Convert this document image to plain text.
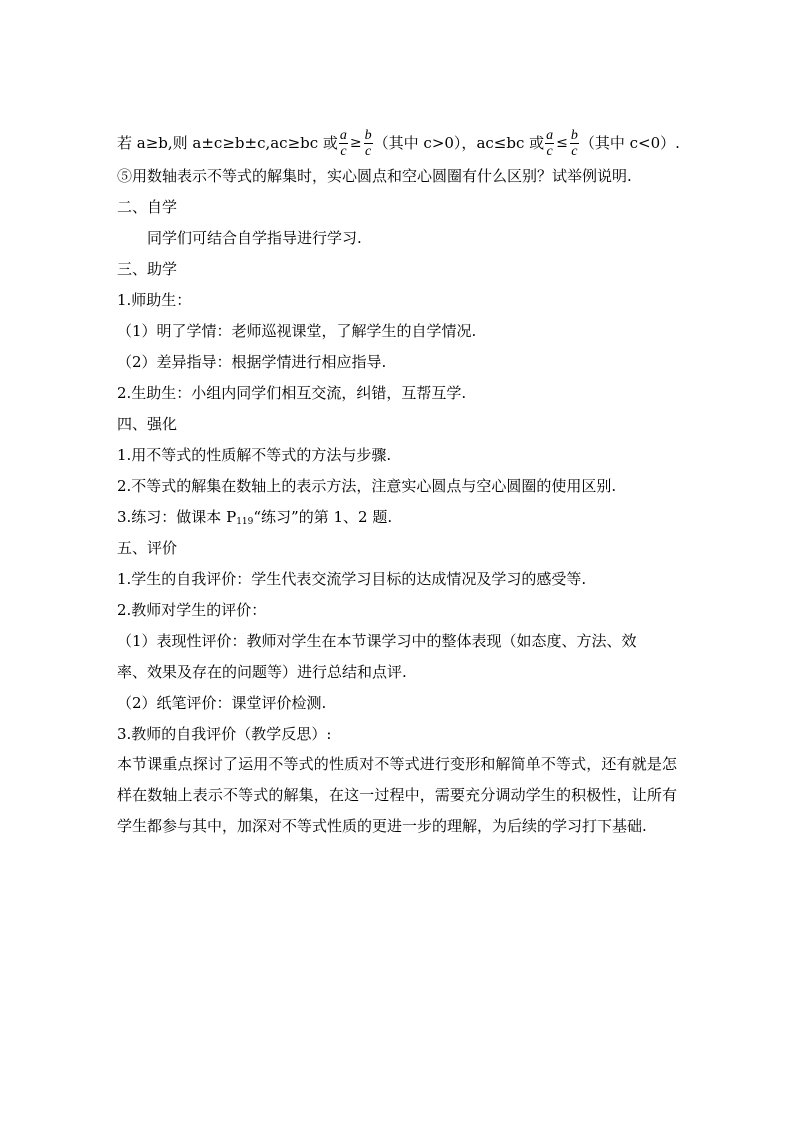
若 a≥b,则 a±c≥b±c,ac≥bc 或 $\frac{a}{c} \ge \frac{b}{c}$ （其中 c>0），ac≤bc 或 $\frac{a}{c} \le \frac{b}{c}$ （其中 c<0）.

⑤用数轴表示不等式的解集时，实心圆点和空心圆圈有什么区别？试举例说明.

二、自学

同学们可结合自学指导进行学习.

三、助学

1.师助生：

（1）明了学情：老师巡视课堂，了解学生的自学情况.

（2）差异指导：根据学情进行相应指导.

2.生助生：小组内同学们相互交流，纠错，互帮互学.

四、强化

1.用不等式的性质解不等式的方法与步骤.

2.不等式的解集在数轴上的表示方法，注意实心圆点与空心圆圈的使用区别.

3.练习：做课本 $P_{119}“$练习”的第 1、2 题.

五、评价

1.学生的自我评价：学生代表交流学习目标的达成情况及学习的感受等.

2.教师对学生的评价：

（1）表现性评价：教师对学生在本节课学习中的整体表现（如态度、方法、效

率、效果及存在的问题等）进行总结和点评.

（2）纸笔评价：课堂评价检测.

3.教师的自我评价（教学反思）:

本节课重点探讨了运用不等式的性质对不等式进行变形和解简单不等式，还有就是怎样在数轴上表示不等式的解集，在这一过程中，需要充分调动学生的积极性，让所有学生都参与其中，加深对不等式性质的更进一步的理解，为后续的学习打下基础.
